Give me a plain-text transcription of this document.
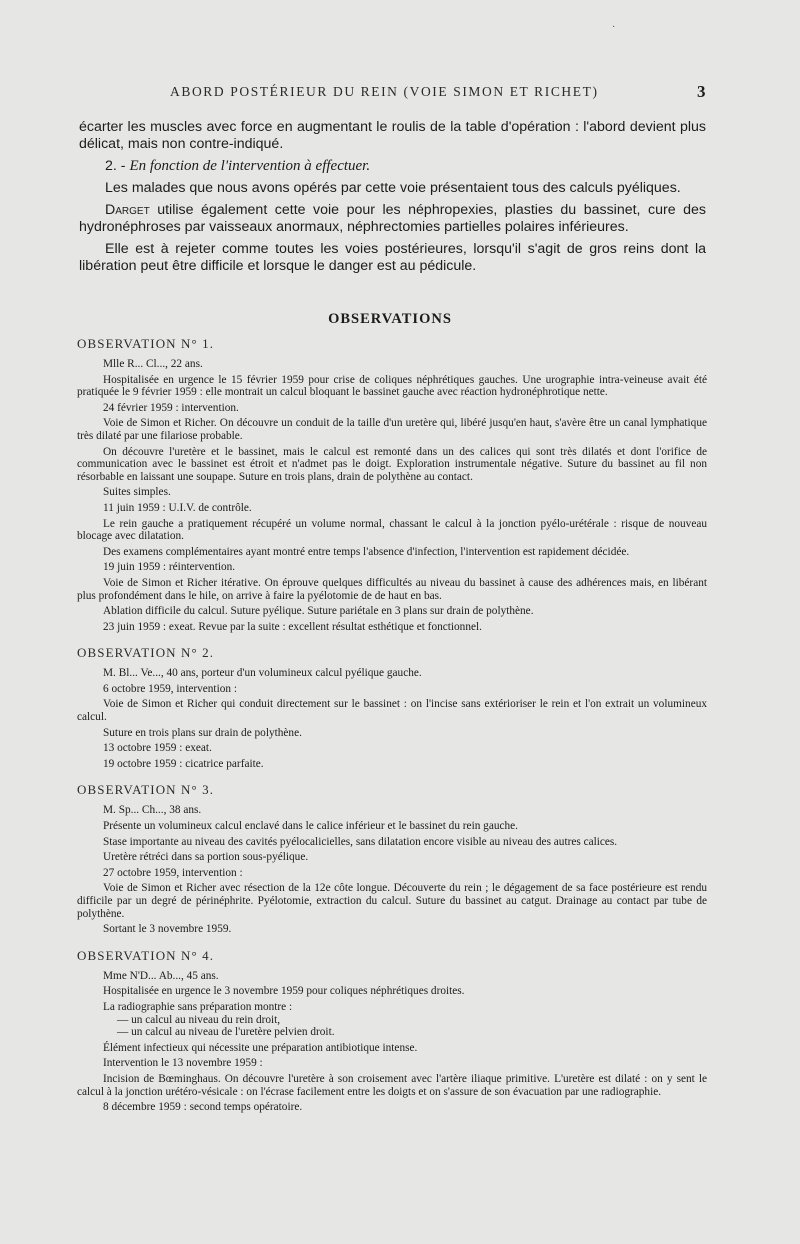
·
ABORD POSTÉRIEUR DU REIN (VOIE SIMON ET RICHET)	3

écarter les muscles avec force en augmentant le roulis de la table d'opération : l'abord devient plus délicat, mais non contre-indiqué.

2. - En fonction de l'intervention à effectuer.

Les malades que nous avons opérés par cette voie présentaient tous des calculs pyéliques.

Darget utilise également cette voie pour les néphropexies, plasties du bassinet, cure des hydronéphroses par vaisseaux anormaux, néphrectomies partielles polaires inférieures.

Elle est à rejeter comme toutes les voies postérieures, lorsqu'il s'agit de gros reins dont la libération peut être difficile et lorsque le danger est au pédicule.

OBSERVATIONS
OBSERVATION N° 1.

Mlle R... Cl..., 22 ans.

Hospitalisée en urgence le 15 février 1959 pour crise de coliques néphrétiques gauches. Une urographie intra-veineuse avait été pratiquée le 9 février 1959 : elle montrait un calcul bloquant le bassinet gauche avec réaction hydronéphrotique nette.

24 février 1959 : intervention.

Voie de Simon et Richer. On découvre un conduit de la taille d'un uretère qui, libéré jusqu'en haut, s'avère être un canal lymphatique très dilaté par une filariose probable.

On découvre l'uretère et le bassinet, mais le calcul est remonté dans un des calices qui sont très dilatés et dont l'orifice de communication avec le bassinet est étroit et n'admet pas le doigt. Exploration instrumentale négative. Suture du bassinet au fil non résorbable en laissant une soupape. Suture en trois plans, drain de polythène au contact.

Suites simples.

11 juin 1959 : U.I.V. de contrôle.

Le rein gauche a pratiquement récupéré un volume normal, chassant le calcul à la jonction pyélo-urétérale : risque de nouveau blocage avec dilatation.

Des examens complémentaires ayant montré entre temps l'absence d'infection, l'intervention est rapidement décidée.

19 juin 1959 : réintervention.

Voie de Simon et Richer itérative. On éprouve quelques difficultés au niveau du bassinet à cause des adhérences mais, en libérant plus profondément dans le hile, on arrive à faire la pyélotomie de de haut en bas.

Ablation difficile du calcul. Suture pyélique. Suture pariétale en 3 plans sur drain de polythène.

23 juin 1959 : exeat. Revue par la suite : excellent résultat esthétique et fonctionnel.

OBSERVATION N° 2.

M. Bl... Ve..., 40 ans, porteur d'un volumineux calcul pyélique gauche.

6 octobre 1959, intervention :

Voie de Simon et Richer qui conduit directement sur le bassinet : on l'incise sans extérioriser le rein et l'on extrait un volumineux calcul.

Suture en trois plans sur drain de polythène.

13 octobre 1959 : exeat.

19 octobre 1959 : cicatrice parfaite.

OBSERVATION N° 3.

M. Sp... Ch..., 38 ans.

Présente un volumineux calcul enclavé dans le calice inférieur et le bassinet du rein gauche.

Stase importante au niveau des cavités pyélocalicielles, sans dilatation encore visible au niveau des autres calices.

Uretère rétréci dans sa portion sous-pyélique.

27 octobre 1959, intervention :

Voie de Simon et Richer avec résection de la 12e côte longue. Découverte du rein ; le dégagement de sa face postérieure est rendu difficile par un degré de périnéphrite. Pyélotomie, extraction du calcul. Suture du bassinet au catgut. Drainage au contact par tube de polythène.

Sortant le 3 novembre 1959.

OBSERVATION N° 4.

Mme N'D... Ab..., 45 ans.

Hospitalisée en urgence le 3 novembre 1959 pour coliques néphrétiques droites.

La radiographie sans préparation montre :

— un calcul au niveau du rein droit,

— un calcul au niveau de l'uretère pelvien droit.

Élément infectieux qui nécessite une préparation antibiotique intense.

Intervention le 13 novembre 1959 :

Incision de Bœminghaus. On découvre l'uretère à son croisement avec l'artère iliaque primitive. L'uretère est dilaté : on y sent le calcul à la jonction urétéro-vésicale : on l'écrase facilement entre les doigts et on s'assure de son évacuation par une radiographie.

8 décembre 1959 : second temps opératoire.
